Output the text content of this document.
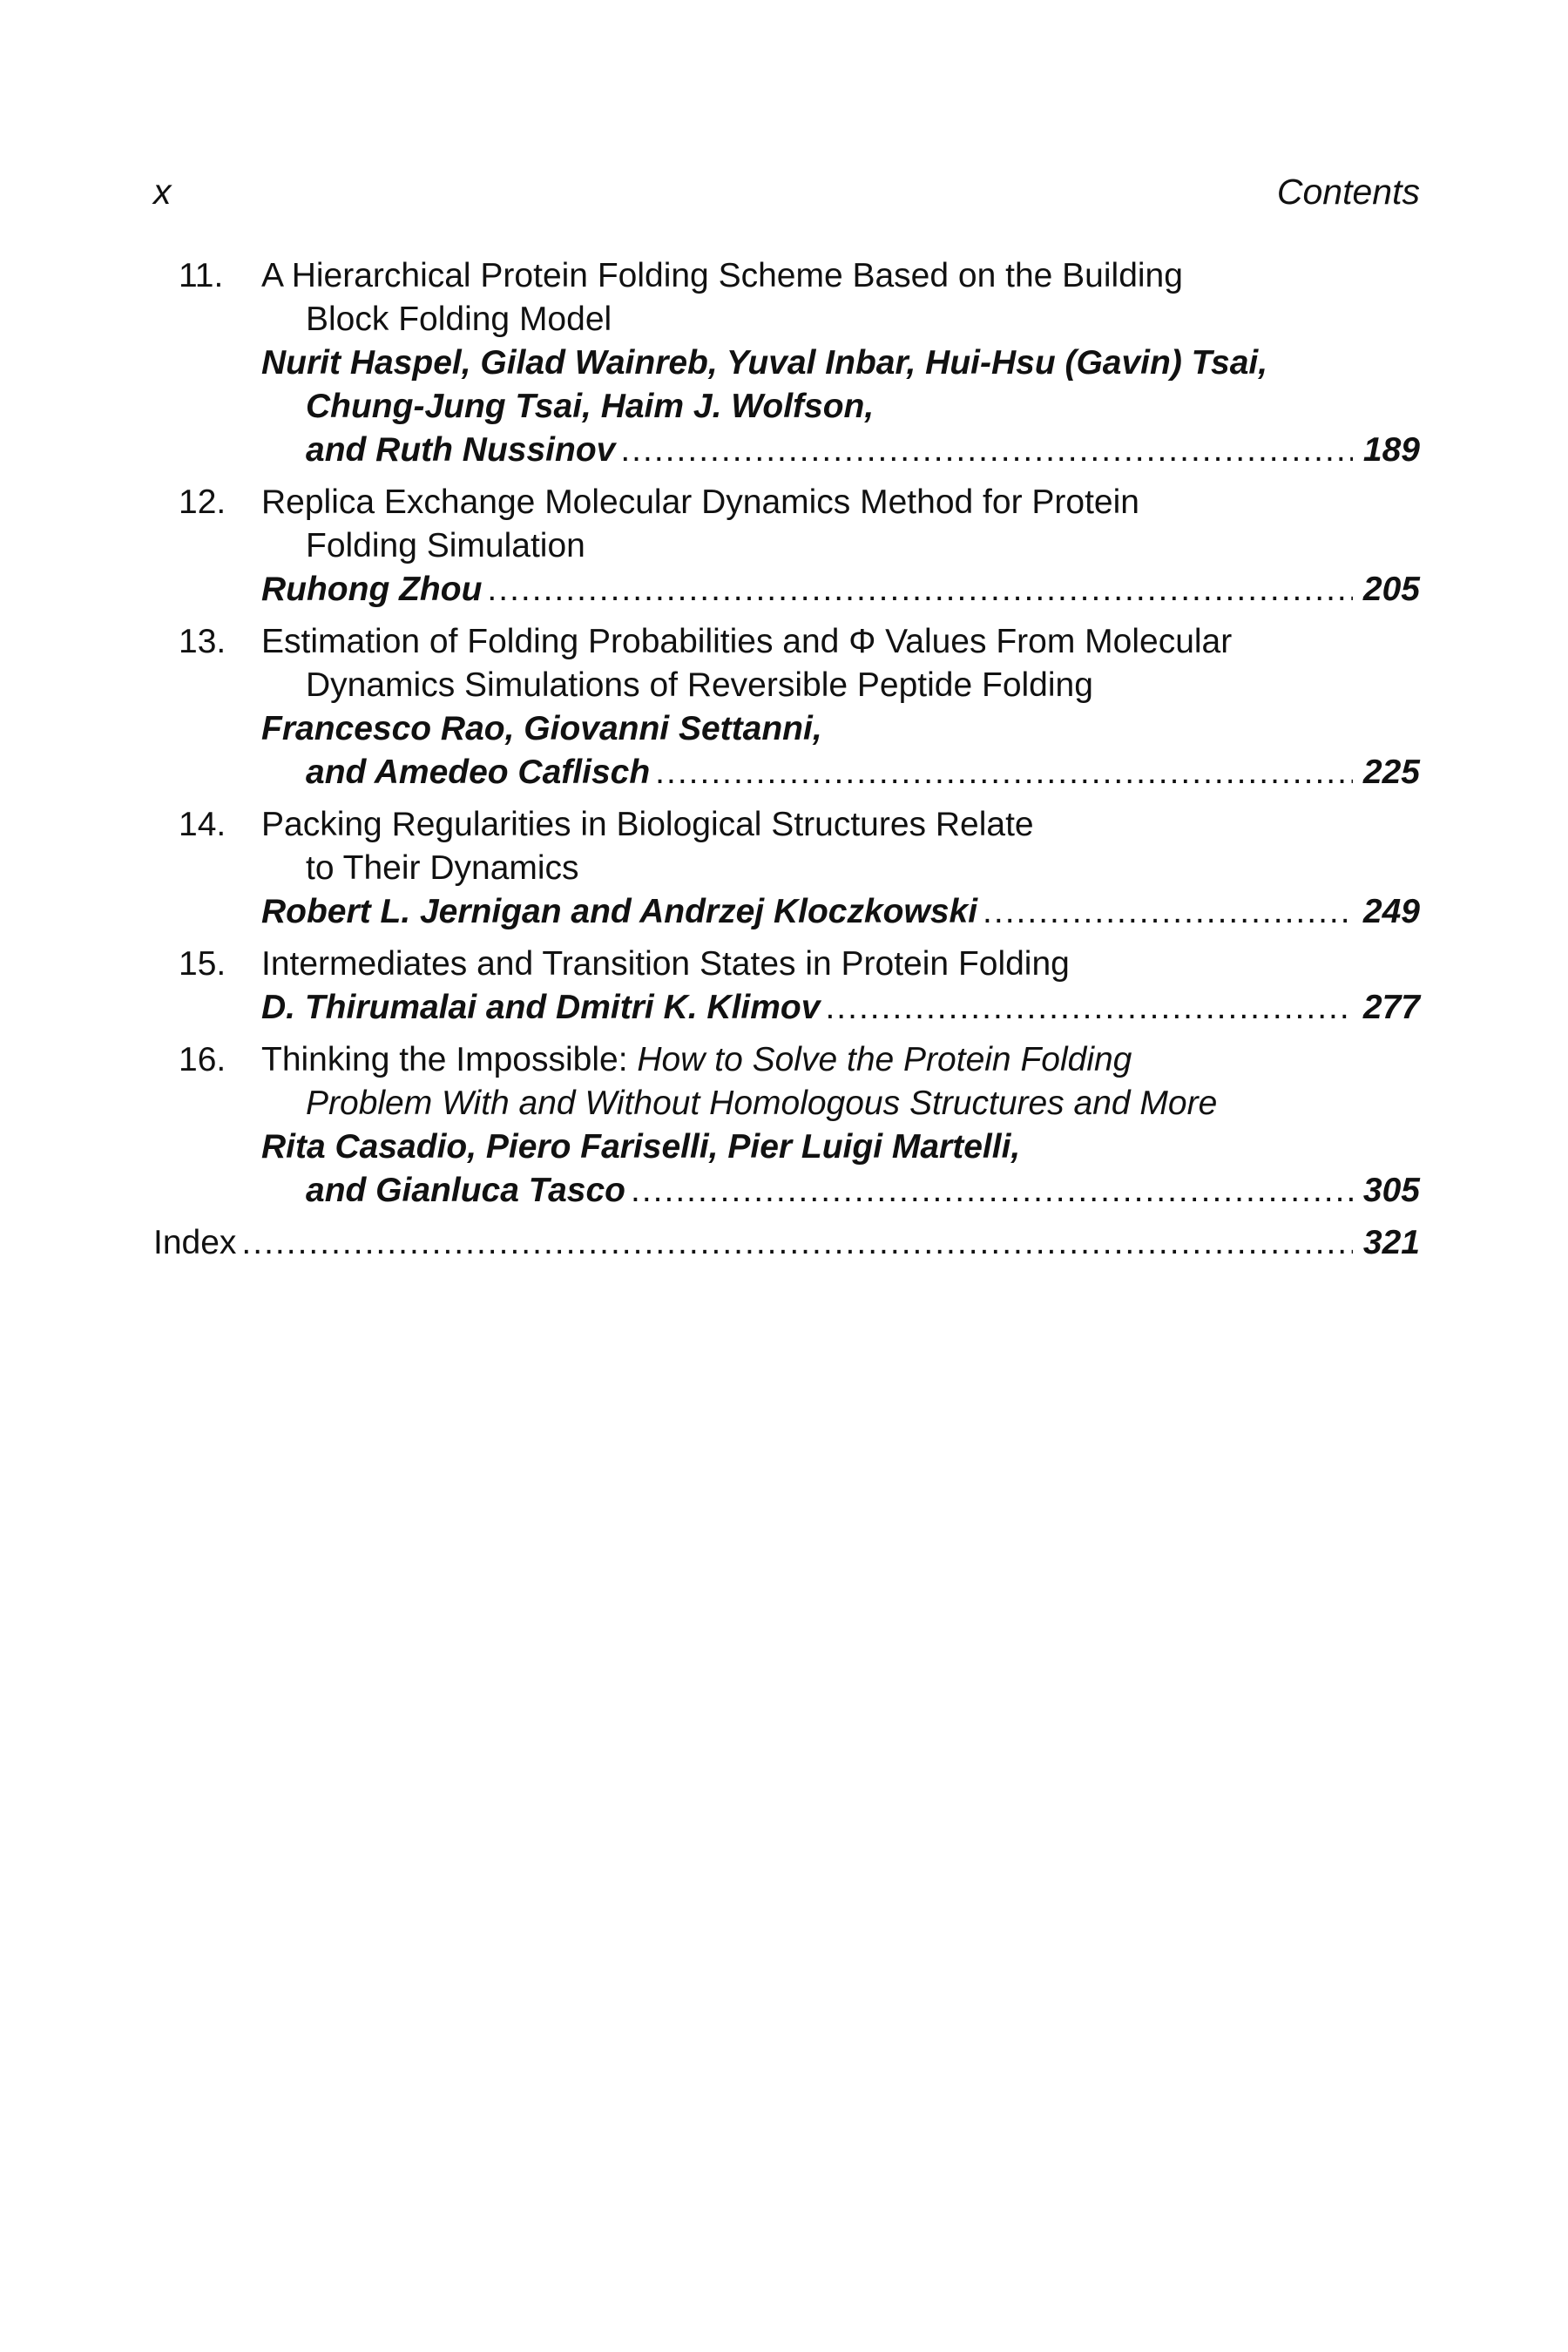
x	Contents
11. A Hierarchical Protein Folding Scheme Based on the Building
Block Folding Model
Nurit Haspel, Gilad Wainreb, Yuval Inbar, Hui-Hsu (Gavin) Tsai,
Chung-Jung Tsai, Haim J. Wolfson,
and Ruth Nussinov .....	189
12. Replica Exchange Molecular Dynamics Method for Protein
Folding Simulation
Ruhong Zhou .....	205
13. Estimation of Folding Probabilities and Φ Values From Molecular
Dynamics Simulations of Reversible Peptide Folding
Francesco Rao, Giovanni Settanni,
and Amedeo Caflisch .....	225
14. Packing Regularities in Biological Structures Relate
to Their Dynamics
Robert L. Jernigan and Andrzej Kloczkowski .....	249
15. Intermediates and Transition States in Protein Folding
D. Thirumalai and Dmitri K. Klimov .....	277
16. Thinking the Impossible: How to Solve the Protein Folding
Problem With and Without Homologous Structures and More
Rita Casadio, Piero Fariselli, Pier Luigi Martelli,
and Gianluca Tasco .....	305
Index .....	321
